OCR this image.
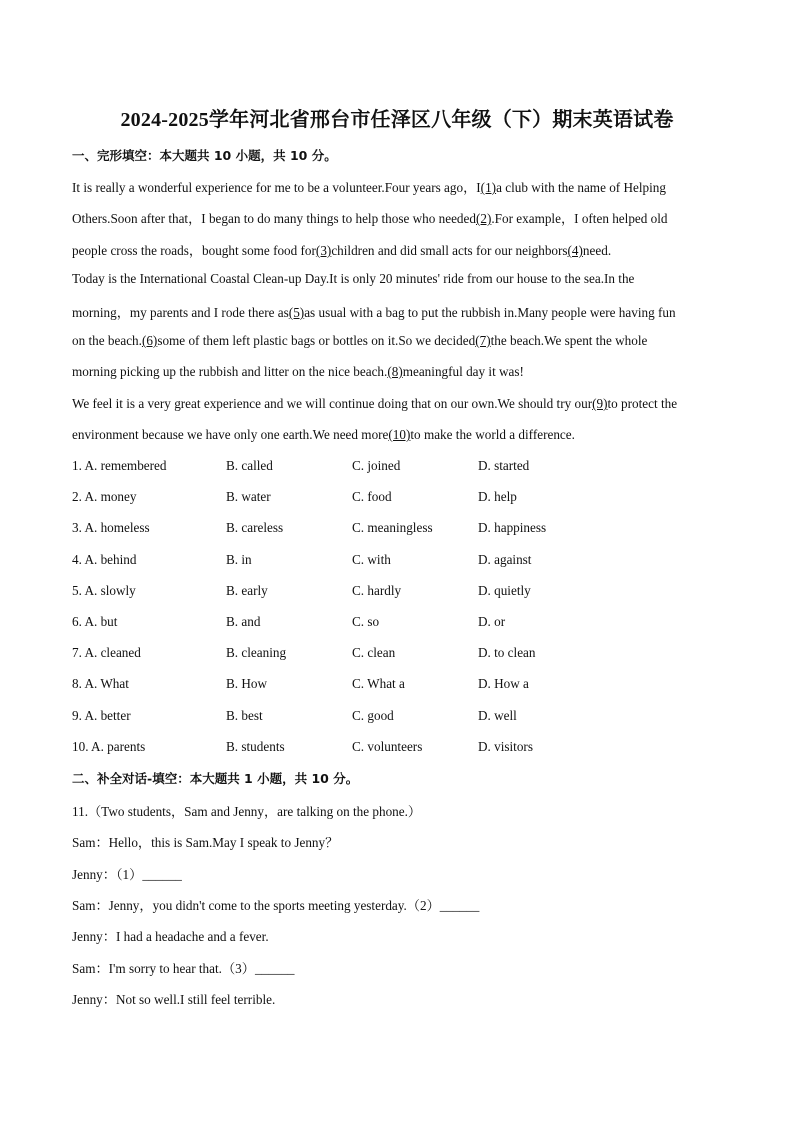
2024-2025学年河北省邢台市任泽区八年级（下）期末英语试卷
一、完形填空：本大题共 10 小题，共 10 分。
It is really a wonderful experience for me to be a volunteer.Four years ago，I(1)a club with the name of Helping
Others.Soon after that，I began to do many things to help those who needed(2).For example，I often helped old
people cross the roads，bought some food for(3)children and did small acts for our neighbors(4)need.
Today is the International Coastal Clean-up Day.It is only 20 minutes' ride from our house to the sea.In the
morning，my parents and I rode there as(5)as usual with a bag to put the rubbish in.Many people were having fun
on the beach.(6)some of them left plastic bags or bottles on it.So we decided(7)the beach.We spent the whole
morning picking up the rubbish and litter on the nice beach.(8)meaningful day it was!
We feel it is a very great experience and we will continue doing that on our own.We should try our(9)to protect the
environment because we have only one earth.We need more(10)to make the world a difference.
1. A. remembered	B. called	C. joined	D. started
2. A. money	B. water	C. food	D. help
3. A. homeless	B. careless	C. meaningless	D. happiness
4. A. behind	B. in	C. with	D. against
5. A. slowly	B. early	C. hardly	D. quietly
6. A. but	B. and	C. so	D. or
7. A. cleaned	B. cleaning	C. clean	D. to clean
8. A. What	B. How	C. What a	D. How a
9. A. better	B. best	C. good	D. well
10. A. parents	B. students	C. volunteers	D. visitors
二、补全对话-填空：本大题共 1 小题，共 10 分。
11.（Two students，Sam and Jenny，are talking on the phone.）
Sam：Hello，this is Sam.May I speak to Jenny？
Jenny：（1）______
Sam：Jenny，you didn't come to the sports meeting yesterday.（2）______
Jenny：I had a headache and a fever.
Sam：I'm sorry to hear that.（3）______
Jenny：Not so well.I still feel terrible.
